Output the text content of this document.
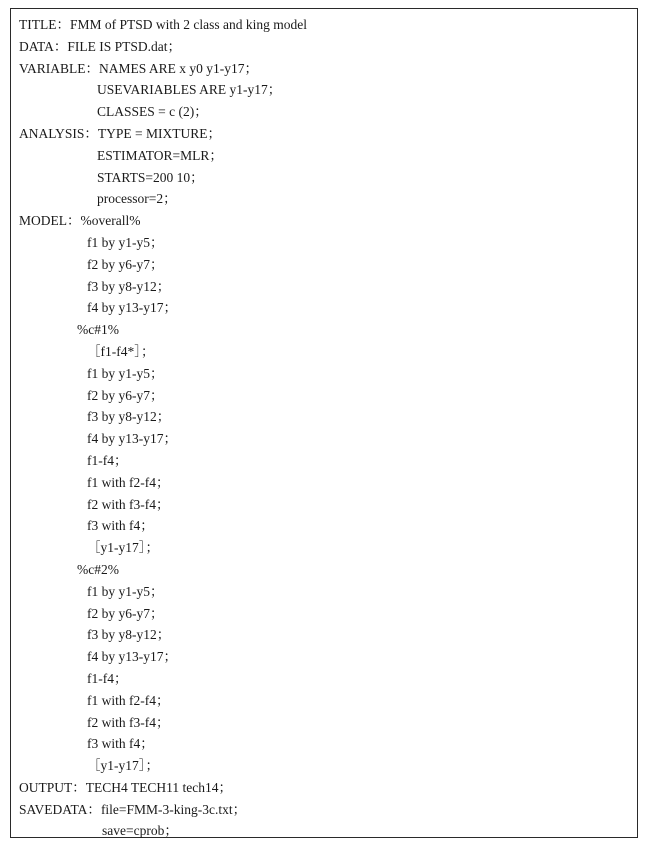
TITLE：FMM of PTSD with 2 class and king model
DATA：FILE IS PTSD.dat；
VARIABLE：NAMES ARE x y0 y1-y17；
USEVARIABLES ARE y1-y17；
CLASSES = c (2)；
ANALYSIS：TYPE = MIXTURE；
ESTIMATOR=MLR；
STARTS=200 10；
processor=2；
MODEL：%overall%
f1 by y1-y5；
f2 by y6-y7；
f3 by y8-y12；
f4 by y13-y17；
%c#1%
［f1-f4*］；
f1 by y1-y5；
f2 by y6-y7；
f3 by y8-y12；
f4 by y13-y17；
f1-f4；
f1 with f2-f4；
f2 with f3-f4；
f3 with f4；
［y1-y17］；
%c#2%
f1 by y1-y5；
f2 by y6-y7；
f3 by y8-y12；
f4 by y13-y17；
f1-f4；
f1 with f2-f4；
f2 with f3-f4；
f3 with f4；
［y1-y17］；
OUTPUT：TECH4 TECH11 tech14；
SAVEDATA：file=FMM-3-king-3c.txt；
save=cprob；
